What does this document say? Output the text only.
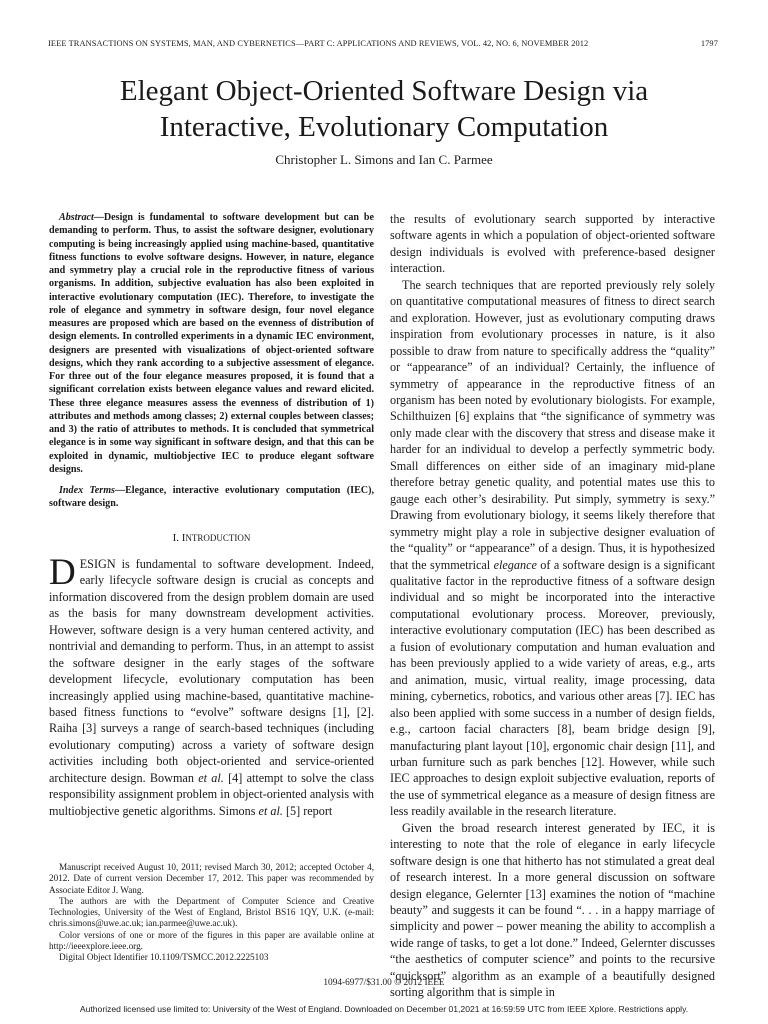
IEEE TRANSACTIONS ON SYSTEMS, MAN, AND CYBERNETICS—PART C: APPLICATIONS AND REVIEWS, VOL. 42, NO. 6, NOVEMBER 2012	1797
Elegant Object-Oriented Software Design via
Interactive, Evolutionary Computation
Christopher L. Simons and Ian C. Parmee

Abstract—Design is fundamental to software development but can be demanding to perform. Thus, to assist the software designer, evolutionary computing is being increasingly applied using machine-based, quantitative fitness functions to evolve software designs. However, in nature, elegance and symmetry play a crucial role in the reproductive fitness of various organisms. In addition, subjective evaluation has also been exploited in interactive evolutionary computation (IEC). Therefore, to investigate the role of elegance and symmetry in software design, four novel elegance measures are proposed which are based on the evenness of distribution of design elements. In controlled experiments in a dynamic IEC environment, designers are presented with visualizations of object-oriented software designs, which they rank according to a subjective assessment of elegance. For three out of the four elegance measures proposed, it is found that a significant correlation exists between elegance values and reward elicited. These three elegance measures assess the evenness of distribution of 1) attributes and methods among classes; 2) external couples between classes; and 3) the ratio of attributes to methods. It is concluded that symmetrical elegance is in some way significant in software design, and that this can be exploited in dynamic, multiobjective IEC to produce elegant software designs.

Index Terms—Elegance, interactive evolutionary computation (IEC), software design.

I. INTRODUCTION

DESIGN is fundamental to software development. Indeed, early lifecycle software design is crucial as concepts and information discovered from the design problem domain are used as the basis for many downstream development activities. However, software design is a very human centered activity, and nontrivial and demanding to perform. Thus, in an attempt to assist the software designer in the early stages of the software development lifecycle, evolutionary computation has been increasingly applied using machine-based, quantitative machine-based fitness functions to “evolve” software designs [1], [2]. Raiha [3] surveys a range of search-based techniques (including evolutionary computing) across a variety of software design activities including both object-oriented and service-oriented architecture design. Bowman et al. [4] attempt to solve the class responsibility assignment problem in object-oriented analysis with multiobjective genetic algorithms. Simons et al. [5] report

Manuscript received August 10, 2011; revised March 30, 2012; accepted October 4, 2012. Date of current version December 17, 2012. This paper was recommended by Associate Editor J. Wang.

The authors are with the Department of Computer Science and Creative Technologies, University of the West of England, Bristol BS16 1QY, U.K. (e-mail: chris.simons@uwe.ac.uk; ian.parmee@uwe.ac.uk).

Color versions of one or more of the figures in this paper are available online at http://ieeexplore.ieee.org.

Digital Object Identifier 10.1109/TSMCC.2012.2225103

the results of evolutionary search supported by interactive software agents in which a population of object-oriented software design individuals is evolved with preference-based designer interaction.

The search techniques that are reported previously rely solely on quantitative computational measures of fitness to direct search and exploration. However, just as evolutionary computing draws inspiration from evolutionary processes in nature, is it also possible to draw from nature to specifically address the “quality” or “appearance” of an individual? Certainly, the influence of symmetry of appearance in the reproductive fitness of an organism has been noted by evolutionary biologists. For example, Schilthuizen [6] explains that “the significance of symmetry was only made clear with the discovery that stress and disease make it harder for an individual to develop a perfectly symmetric body. Small differences on either side of an imaginary mid-plane therefore betray genetic quality, and potential mates use this to gauge each other’s desirability. Put simply, symmetry is sexy.” Drawing from evolutionary biology, it seems likely therefore that symmetry might play a role in subjective designer evaluation of the “quality” or “appearance” of a design. Thus, it is hypothesized that the symmetrical elegance of a software design is a significant qualitative factor in the reproductive fitness of a software design individual and so might be incorporated into the interactive computational evolutionary process. Moreover, previously, interactive evolutionary computation (IEC) has been described as a fusion of evolutionary computation and human evaluation and has been previously applied to a wide variety of areas, e.g., arts and animation, music, virtual reality, image processing, data mining, cybernetics, robotics, and various other areas [7]. IEC has also been applied with some success in a number of design fields, e.g., cartoon facial characters [8], beam bridge design [9], manufacturing plant layout [10], ergonomic chair design [11], and urban furniture such as park benches [12]. However, while such IEC approaches to design exploit subjective evaluation, reports of the use of symmetrical elegance as a measure of design fitness are less readily available in the research literature.

Given the broad research interest generated by IEC, it is interesting to note that the role of elegance in early lifecycle software design is one that hitherto has not stimulated a great deal of research interest. In a more general discussion on software design elegance, Gelernter [13] examines the notion of “machine beauty” and suggests it can be found “. . . in a happy marriage of simplicity and power – power meaning the ability to accomplish a wide range of tasks, to get a lot done.” Indeed, Gelernter discusses “the aesthetics of computer science” and points to the recursive “quicksort” algorithm as an example of a beautifully designed sorting algorithm that is simple in

1094-6977/$31.00 © 2012 IEEE
Authorized licensed use limited to: University of the West of England. Downloaded on December 01,2021 at 16:59:59 UTC from IEEE Xplore. Restrictions apply.
